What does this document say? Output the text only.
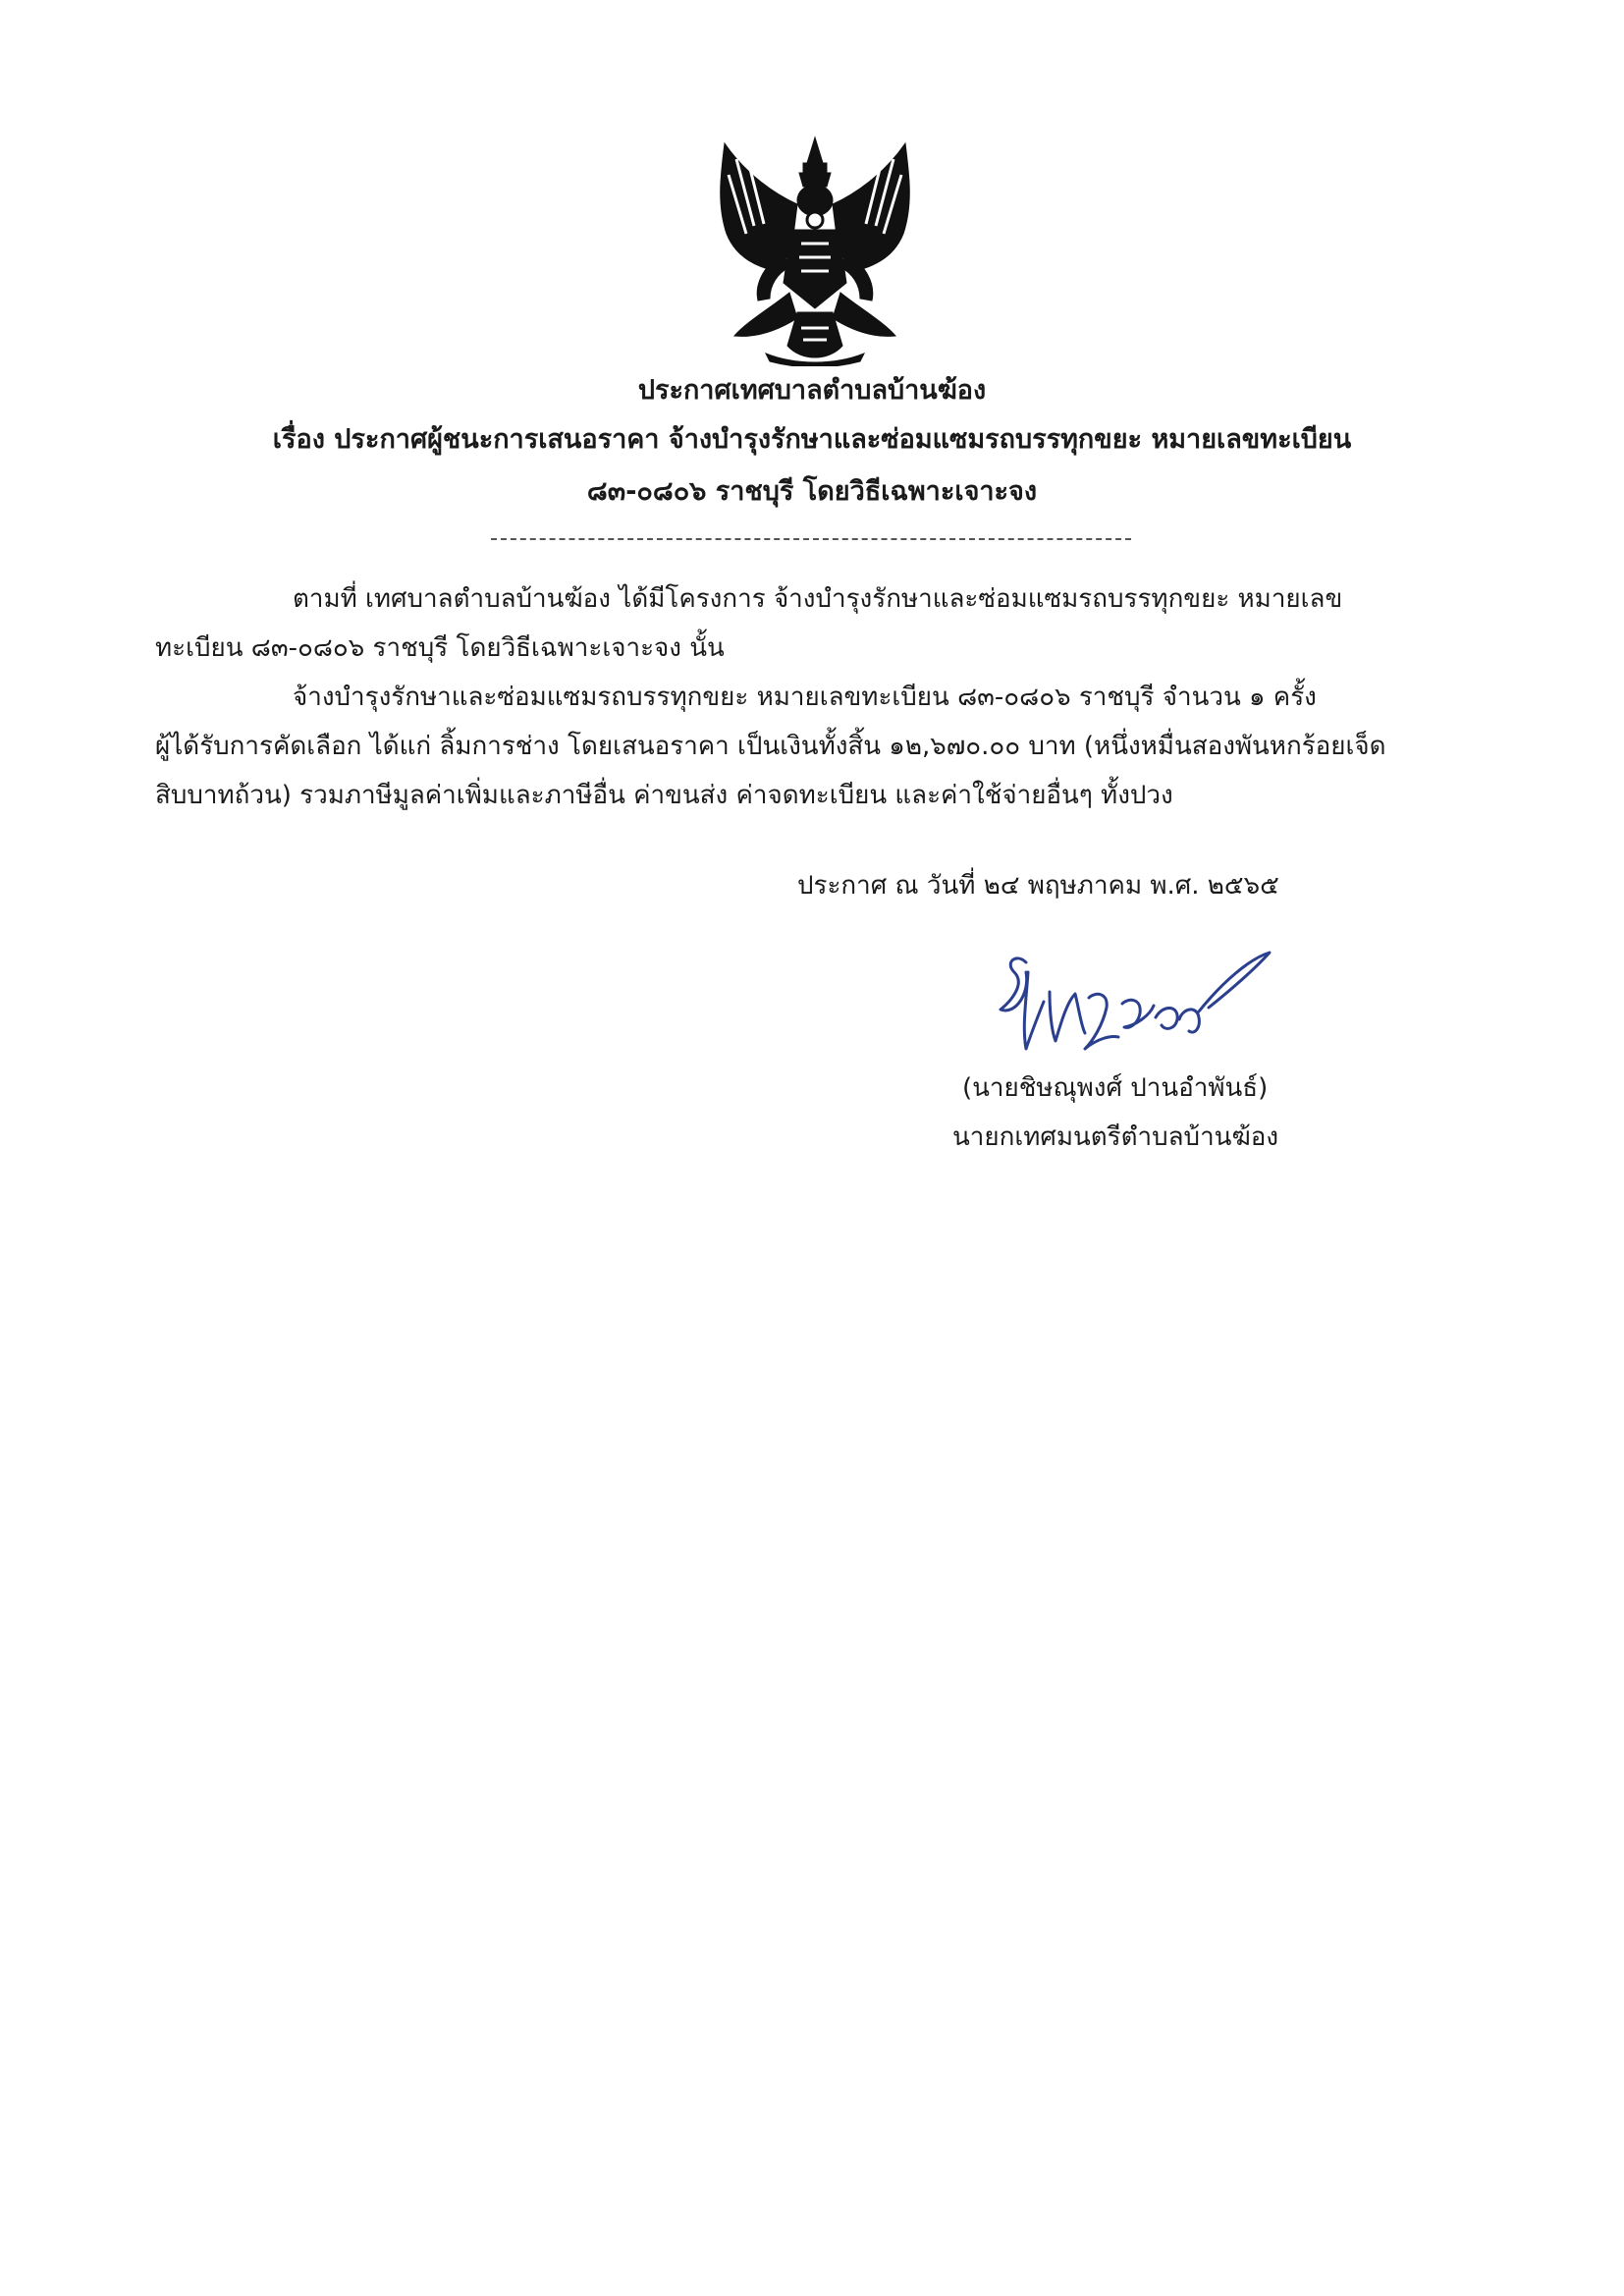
ประกาศเทศบาลตำบลบ้านฆ้อง
เรื่อง ประกาศผู้ชนะการเสนอราคา จ้างบำรุงรักษาและซ่อมแซมรถบรรทุกขยะ หมายเลขทะเบียน
๘๓-๐๘๐๖ ราชบุรี โดยวิธีเฉพาะเจาะจง
ตามที่ เทศบาลตำบลบ้านฆ้อง ได้มีโครงการ จ้างบำรุงรักษาและซ่อมแซมรถบรรทุกขยะ หมายเลข
ทะเบียน ๘๓-๐๘๐๖ ราชบุรี โดยวิธีเฉพาะเจาะจง นั้น
จ้างบำรุงรักษาและซ่อมแซมรถบรรทุกขยะ หมายเลขทะเบียน ๘๓-๐๘๐๖ ราชบุรี จำนวน ๑ ครั้ง
ผู้ได้รับการคัดเลือก ได้แก่ ลิ้มการช่าง โดยเสนอราคา เป็นเงินทั้งสิ้น ๑๒,๖๗๐.๐๐ บาท (หนึ่งหมื่นสองพันหกร้อยเจ็ด
สิบบาทถ้วน) รวมภาษีมูลค่าเพิ่มและภาษีอื่น ค่าขนส่ง ค่าจดทะเบียน และค่าใช้จ่ายอื่นๆ ทั้งปวง
ประกาศ ณ วันที่ ๒๔ พฤษภาคม พ.ศ. ๒๕๖๕
(นายชิษณุพงศ์ ปานอำพันธ์)
นายกเทศมนตรีตำบลบ้านฆ้อง
